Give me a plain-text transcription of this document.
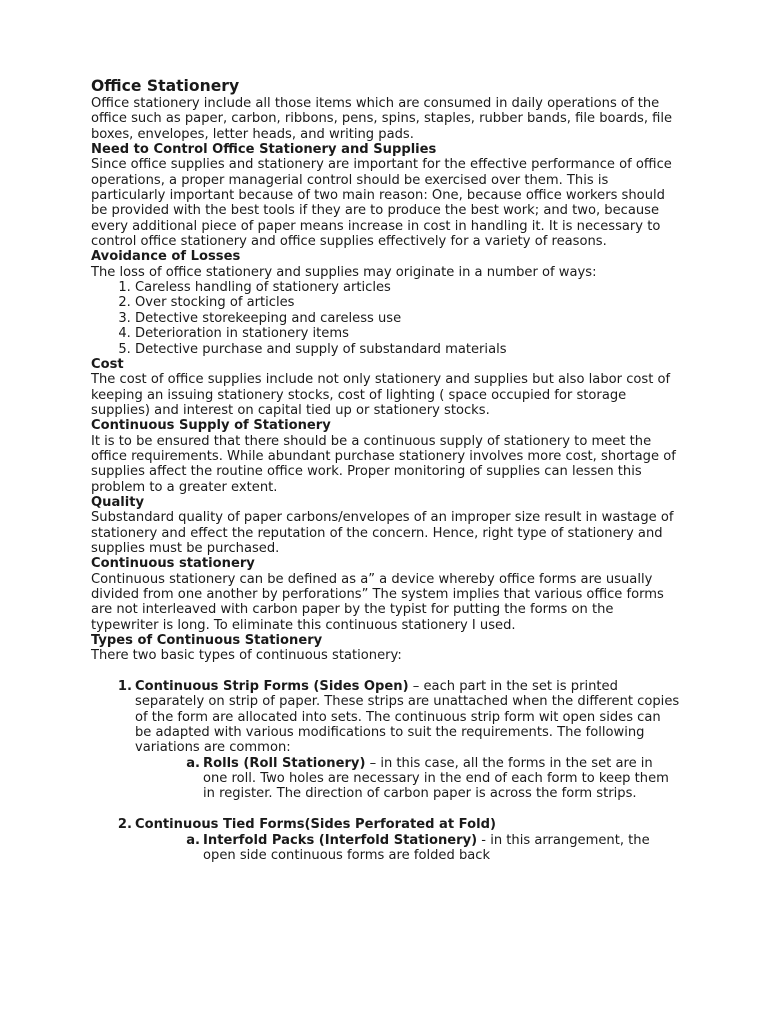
Office Stationery

Office stationery include all those items which are consumed in daily operations of the office such as paper, carbon, ribbons, pens, spins, staples, rubber bands, file boards, file boxes, envelopes, letter heads, and writing pads.

Need to Control Office Stationery and Supplies

Since office supplies and stationery are important for the effective performance of office operations, a proper managerial control should be exercised over them. This is particularly important because of two main reason: One, because office workers should be provided with the best tools if they are to produce the best work; and two, because every additional piece of paper means increase in cost in handling it. It is necessary to control office stationery and office supplies effectively for a variety of reasons.

Avoidance of Losses

The loss of office stationery and supplies may originate in a number of ways:

1. Careless handling of stationery articles
2. Over stocking of articles
3. Detective storekeeping and careless use
4. Deterioration in stationery items
5. Detective purchase and supply of substandard materials

Cost

The cost of office supplies include not only stationery and supplies but also labor cost of keeping an issuing stationery stocks, cost of lighting ( space occupied for storage supplies) and interest on capital tied up or stationery stocks.

Continuous Supply of Stationery

It is to be ensured that there should be a continuous supply of stationery to meet the office requirements. While abundant purchase stationery involves more cost, shortage of supplies affect the routine office work. Proper monitoring of supplies can lessen this problem to a greater extent.

Quality

Substandard quality of paper carbons/envelopes of an improper size result in wastage of stationery and effect the reputation of the concern. Hence, right type of stationery and supplies must be purchased.

Continuous stationery

Continuous stationery can be defined as a” a device whereby office forms are usually divided from one another by perforations” The system implies that various office forms are not interleaved with carbon paper by the typist for putting the forms on the typewriter is long. To eliminate this continuous stationery I used.

Types of Continuous Stationery

There two basic types of continuous stationery:

1. Continuous Strip Forms (Sides Open) – each part in the set is printed separately on strip of paper. These strips are unattached when the different copies of the form are allocated into sets. The continuous strip form wit open sides can be adapted with various modifications to suit the requirements. The following variations are common:
a. Rolls (Roll Stationery) – in this case, all the forms in the set are in one roll. Two holes are necessary in the end of each form to keep them in register. The direction of carbon paper is across the form strips.
2. Continuous Tied Forms(Sides Perforated at Fold)
a. Interfold Packs (Interfold Stationery) - in this arrangement, the open side continuous forms are folded back
